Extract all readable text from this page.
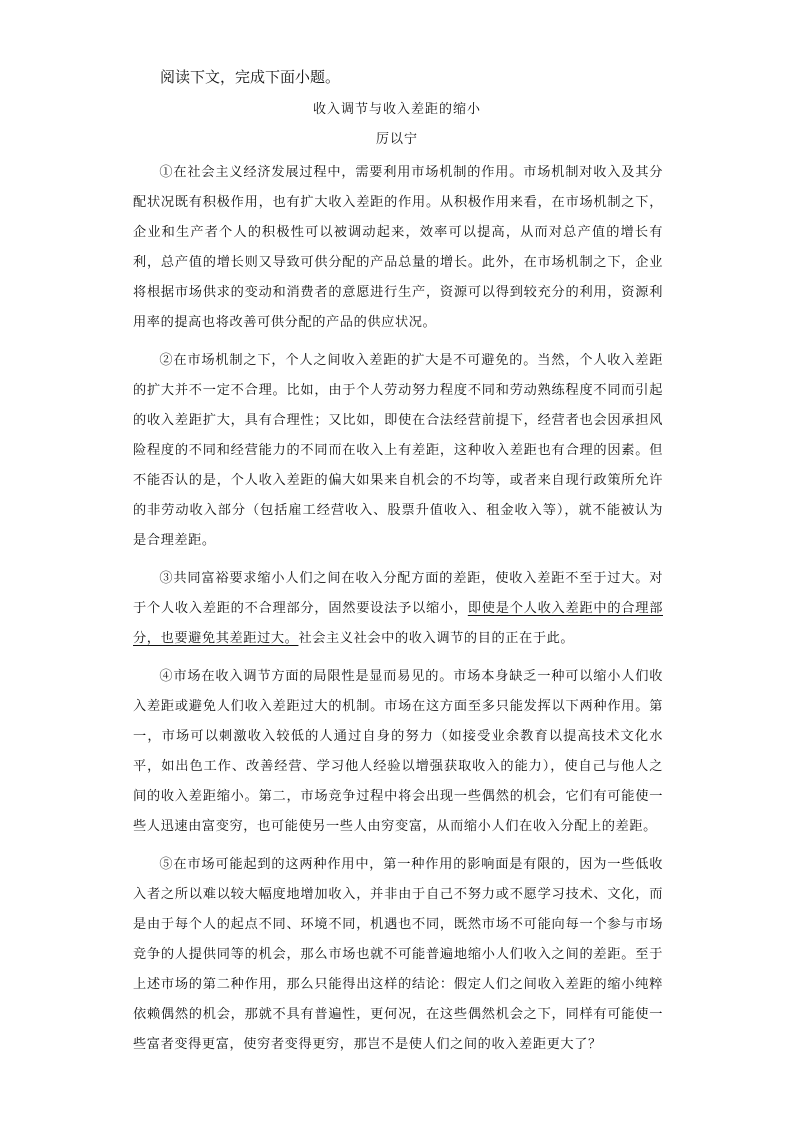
阅读下文，完成下面小题。
收入调节与收入差距的缩小
厉以宁

①在社会主义经济发展过程中，需要利用市场机制的作用。市场机制对收入及其分配状况既有积极作用，也有扩大收入差距的作用。从积极作用来看，在市场机制之下，企业和生产者个人的积极性可以被调动起来，效率可以提高，从而对总产值的增长有利，总产值的增长则又导致可供分配的产品总量的增长。此外，在市场机制之下，企业将根据市场供求的变动和消费者的意愿进行生产，资源可以得到较充分的利用，资源利用率的提高也将改善可供分配的产品的供应状况。

②在市场机制之下，个人之间收入差距的扩大是不可避免的。当然，个人收入差距的扩大并不一定不合理。比如，由于个人劳动努力程度不同和劳动熟练程度不同而引起的收入差距扩大，具有合理性；又比如，即使在合法经营前提下，经营者也会因承担风险程度的不同和经营能力的不同而在收入上有差距，这种收入差距也有合理的因素。但不能否认的是，个人收入差距的偏大如果来自机会的不均等，或者来自现行政策所允许的非劳动收入部分（包括雇工经营收入、股票升值收入、租金收入等），就不能被认为是合理差距。

③共同富裕要求缩小人们之间在收入分配方面的差距，使收入差距不至于过大。对于个人收入差距的不合理部分，固然要设法予以缩小，即使是个人收入差距中的合理部分，也要避免其差距过大。社会主义社会中的收入调节的目的正在于此。

④市场在收入调节方面的局限性是显而易见的。市场本身缺乏一种可以缩小人们收入差距或避免人们收入差距过大的机制。市场在这方面至多只能发挥以下两种作用。第一，市场可以刺激收入较低的人通过自身的努力（如接受业余教育以提高技术文化水平，如出色工作、改善经营、学习他人经验以增强获取收入的能力），使自己与他人之间的收入差距缩小。第二，市场竞争过程中将会出现一些偶然的机会，它们有可能使一些人迅速由富变穷，也可能使另一些人由穷变富，从而缩小人们在收入分配上的差距。

⑤在市场可能起到的这两种作用中，第一种作用的影响面是有限的，因为一些低收入者之所以难以较大幅度地增加收入，并非由于自己不努力或不愿学习技术、文化，而是由于每个人的起点不同、环境不同，机遇也不同，既然市场不可能向每一个参与市场竞争的人提供同等的机会，那么市场也就不可能普遍地缩小人们收入之间的差距。至于上述市场的第二种作用，那么只能得出这样的结论：假定人们之间收入差距的缩小纯粹依赖偶然的机会，那就不具有普遍性，更何况，在这些偶然机会之下，同样有可能使一些富者变得更富，使穷者变得更穷，那岂不是使人们之间的收入差距更大了？
